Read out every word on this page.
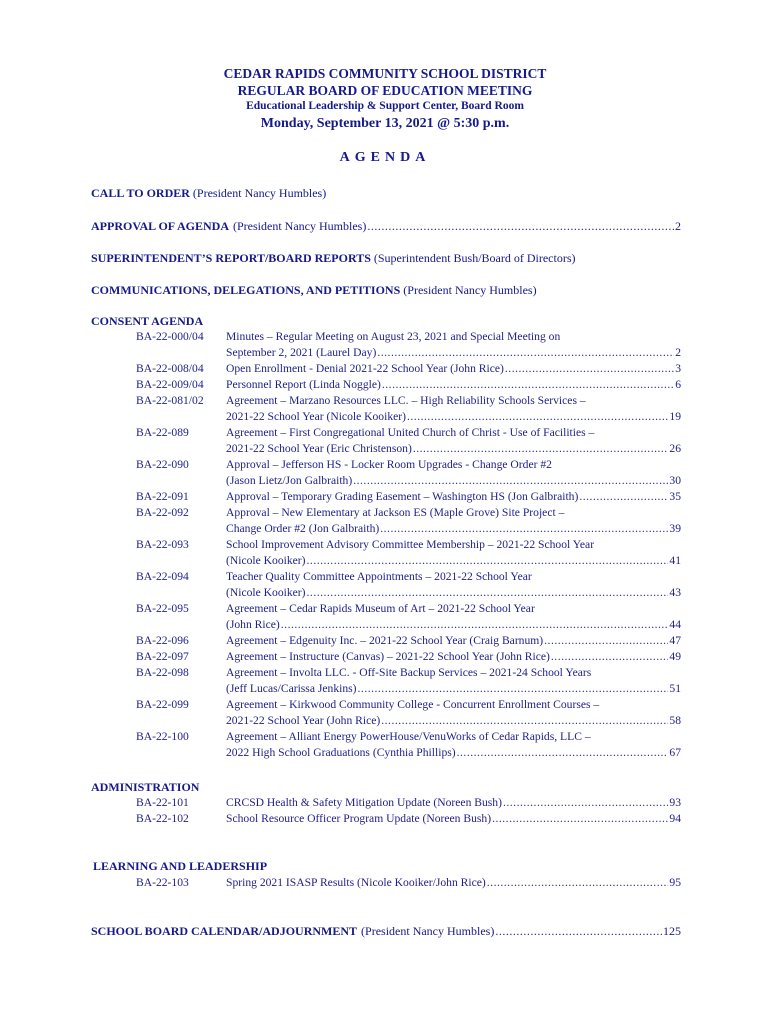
CEDAR RAPIDS COMMUNITY SCHOOL DISTRICT
REGULAR BOARD OF EDUCATION MEETING
Educational Leadership & Support Center, Board Room
Monday, September 13, 2021 @ 5:30 p.m.
AGENDA
CALL TO ORDER (President Nancy Humbles)
APPROVAL OF AGENDA (President Nancy Humbles) .....	2
SUPERINTENDENT’S REPORT/BOARD REPORTS (Superintendent Bush/Board of Directors)
COMMUNICATIONS, DELEGATIONS, AND PETITIONS (President Nancy Humbles)
CONSENT AGENDA
BA-22-000/04	Minutes – Regular Meeting on August 23, 2021 and Special Meeting on
September 2, 2021 (Laurel Day) .....	2
BA-22-008/04	Open Enrollment - Denial 2021-22 School Year (John Rice) .....	3
BA-22-009/04	Personnel Report (Linda Noggle) .....	6
BA-22-081/02	Agreement – Marzano Resources LLC. – High Reliability Schools Services –
2021-22 School Year (Nicole Kooiker) .....	19
BA-22-089	Agreement – First Congregational United Church of Christ - Use of Facilities –
2021-22 School Year (Eric Christenson) .....	26
BA-22-090	Approval – Jefferson HS - Locker Room Upgrades - Change Order #2
(Jason Lietz/Jon Galbraith) .....	30
BA-22-091	Approval – Temporary Grading Easement – Washington HS (Jon Galbraith) .....	35
BA-22-092	Approval – New Elementary at Jackson ES (Maple Grove) Site Project –
Change Order #2 (Jon Galbraith) .....	39
BA-22-093	School Improvement Advisory Committee Membership – 2021-22 School Year
(Nicole Kooiker) .....	41
BA-22-094	Teacher Quality Committee Appointments – 2021-22 School Year
(Nicole Kooiker) .....	43
BA-22-095	Agreement – Cedar Rapids Museum of Art – 2021-22 School Year
(John Rice) .....	44
BA-22-096	Agreement – Edgenuity Inc. – 2021-22 School Year (Craig Barnum) .....	47
BA-22-097	Agreement – Instructure (Canvas) – 2021-22 School Year (John Rice) .....	49
BA-22-098	Agreement – Involta LLC. - Off-Site Backup Services – 2021-24 School Years
(Jeff Lucas/Carissa Jenkins) .....	51
BA-22-099	Agreement – Kirkwood Community College - Concurrent Enrollment Courses –
2021-22 School Year (John Rice) .....	58
BA-22-100	Agreement – Alliant Energy PowerHouse/VenuWorks of Cedar Rapids, LLC –
2022 High School Graduations (Cynthia Phillips) .....	67
ADMINISTRATION
BA-22-101	CRCSD Health & Safety Mitigation Update (Noreen Bush) .....	93
BA-22-102	School Resource Officer Program Update (Noreen Bush) .....	94
LEARNING AND LEADERSHIP
BA-22-103	Spring 2021 ISASP Results (Nicole Kooiker/John Rice) .....	95
SCHOOL BOARD CALENDAR/ADJOURNMENT (President Nancy Humbles) .....	125
